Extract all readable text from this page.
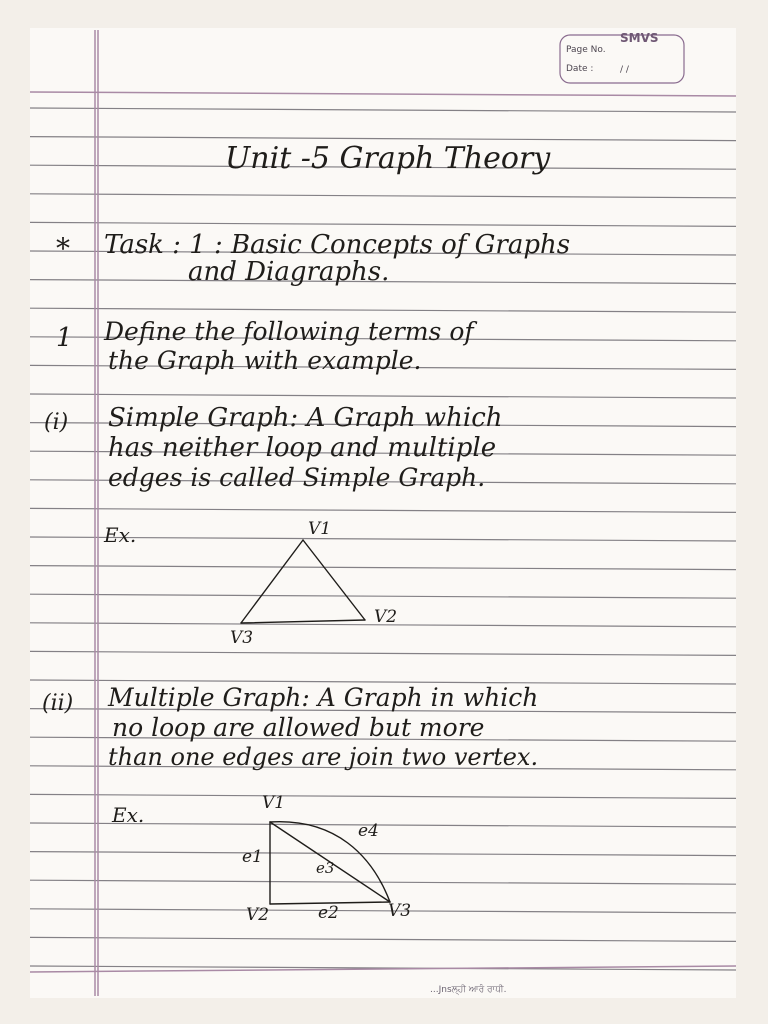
SMVS
Page No.
Date :	/ /
Unit -5 Graph Theory
* Task : 1 : Basic Concepts of Graphs
and Diagraphs.
1 Define the following terms of
the Graph with example.
(i) Simple Graph: A Graph which
has neither loop and multiple
edges is called Simple Graph.
Ex.	V1
V2
V3
(ii) Multiple Graph: A Graph in which
no loop are allowed but more
than one edges are join two vertex.
Ex.	V1
V2	V3
e1
e2
e3
e4
...Jnsਲ੍ਹੀ ਆਰੰ ਰਾਧੀ.
